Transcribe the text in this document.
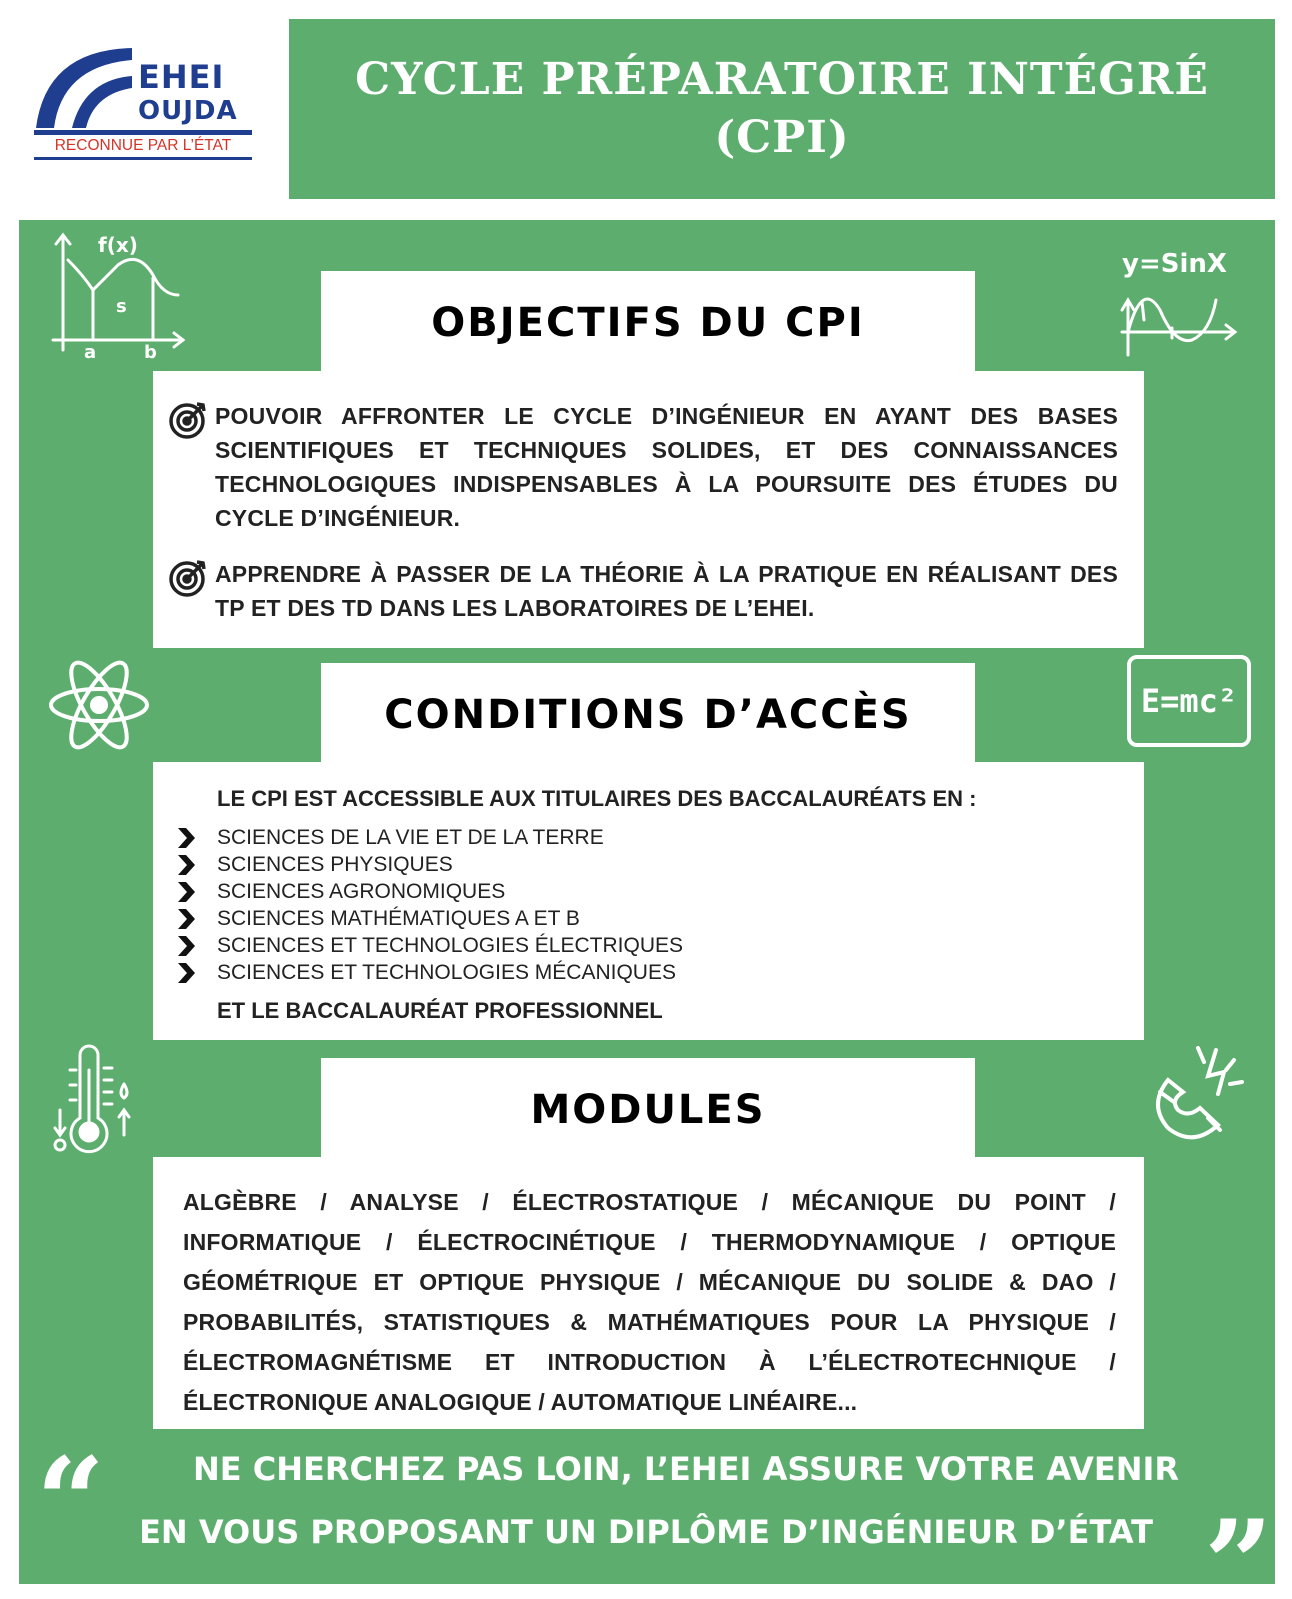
EHEI
OUJDA
RECONNUE PAR L’ÉTAT
CYCLE PRÉPARATOIRE INTÉGRÉ
(CPI)
f(x)
s
a	b
y=SinX
E=mc²
OBJECTIFS DU CPI
POUVOIR AFFRONTER LE CYCLE D’INGÉNIEUR EN AYANT DES BASES SCIENTIFIQUES ET TECHNIQUES SOLIDES, ET DES CONNAISSANCES TECHNOLOGIQUES INDISPENSABLES À LA POURSUITE DES ÉTUDES DU CYCLE D’INGÉNIEUR.
APPRENDRE À PASSER DE LA THÉORIE À LA PRATIQUE EN RÉALISANT DES TP ET DES TD DANS LES LABORATOIRES DE L’EHEI.
CONDITIONS D’ACCÈS
LE CPI EST ACCESSIBLE AUX TITULAIRES DES BACCALAURÉATS EN :
SCIENCES DE LA VIE ET DE LA TERRE
SCIENCES PHYSIQUES
SCIENCES AGRONOMIQUES
SCIENCES MATHÉMATIQUES A ET B
SCIENCES ET TECHNOLOGIES ÉLECTRIQUES
SCIENCES ET TECHNOLOGIES MÉCANIQUES
ET LE BACCALAURÉAT PROFESSIONNEL
MODULES
ALGÈBRE / ANALYSE / ÉLECTROSTATIQUE / MÉCANIQUE DU POINT / INFORMATIQUE / ÉLECTROCINÉTIQUE / THERMODYNAMIQUE / OPTIQUE GÉOMÉTRIQUE ET OPTIQUE PHYSIQUE / MÉCANIQUE DU SOLIDE & DAO / PROBABILITÉS, STATISTIQUES & MATHÉMATIQUES POUR LA PHYSIQUE / ÉLECTROMAGNÉTISME ET INTRODUCTION À L’ÉLECTROTECHNIQUE / ÉLECTRONIQUE ANALOGIQUE / AUTOMATIQUE LINÉAIRE...
“	NE CHERCHEZ PAS LOIN, L’EHEI ASSURE VOTRE AVENIR
EN VOUS PROPOSANT UN DIPLÔME D’INGÉNIEUR D’ÉTAT ”
